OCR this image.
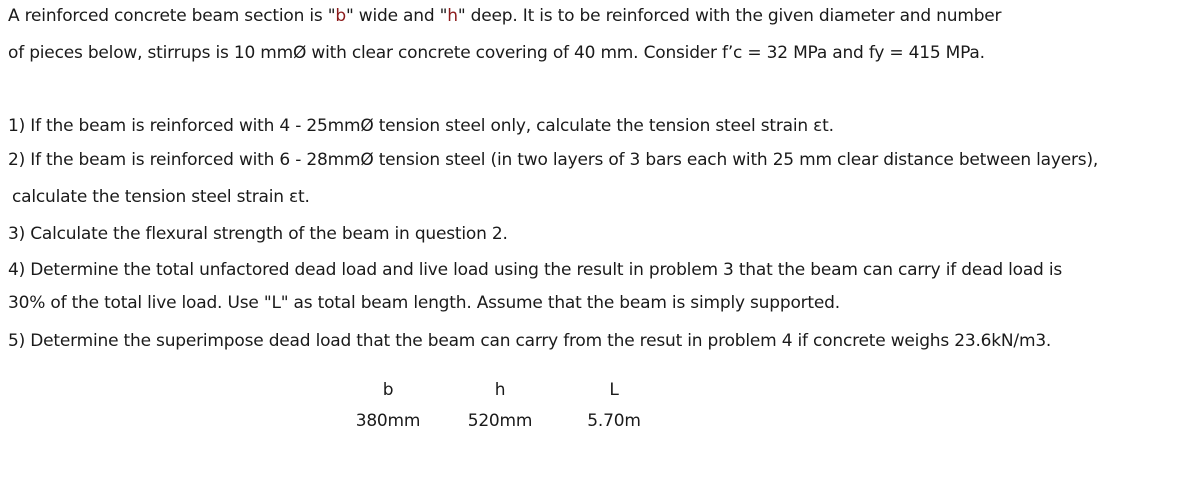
A reinforced concrete beam section is "b" wide and "h" deep. It is to be reinforced with the given diameter and number
of pieces below, stirrups is 10 mmØ with clear concrete covering of 40 mm. Consider f’c = 32 MPa and fy = 415 MPa.
1) If the beam is reinforced with 4 - 25mmØ tension steel only, calculate the tension steel strain εt.
2) If the beam is reinforced with 6 - 28mmØ tension steel (in two layers of 3 bars each with 25 mm clear distance between layers),
calculate the tension steel strain εt.
3) Calculate the flexural strength of the beam in question 2.
4) Determine the total unfactored dead load and live load using the result in problem 3 that the beam can carry if dead load is
30% of the total live load. Use "L" as total beam length. Assume that the beam is simply supported.
5) Determine the superimpose dead load that the beam can carry from the resut in problem 4 if concrete weighs 23.6kN/m3.
b	h	L
380mm	520mm	5.70m
